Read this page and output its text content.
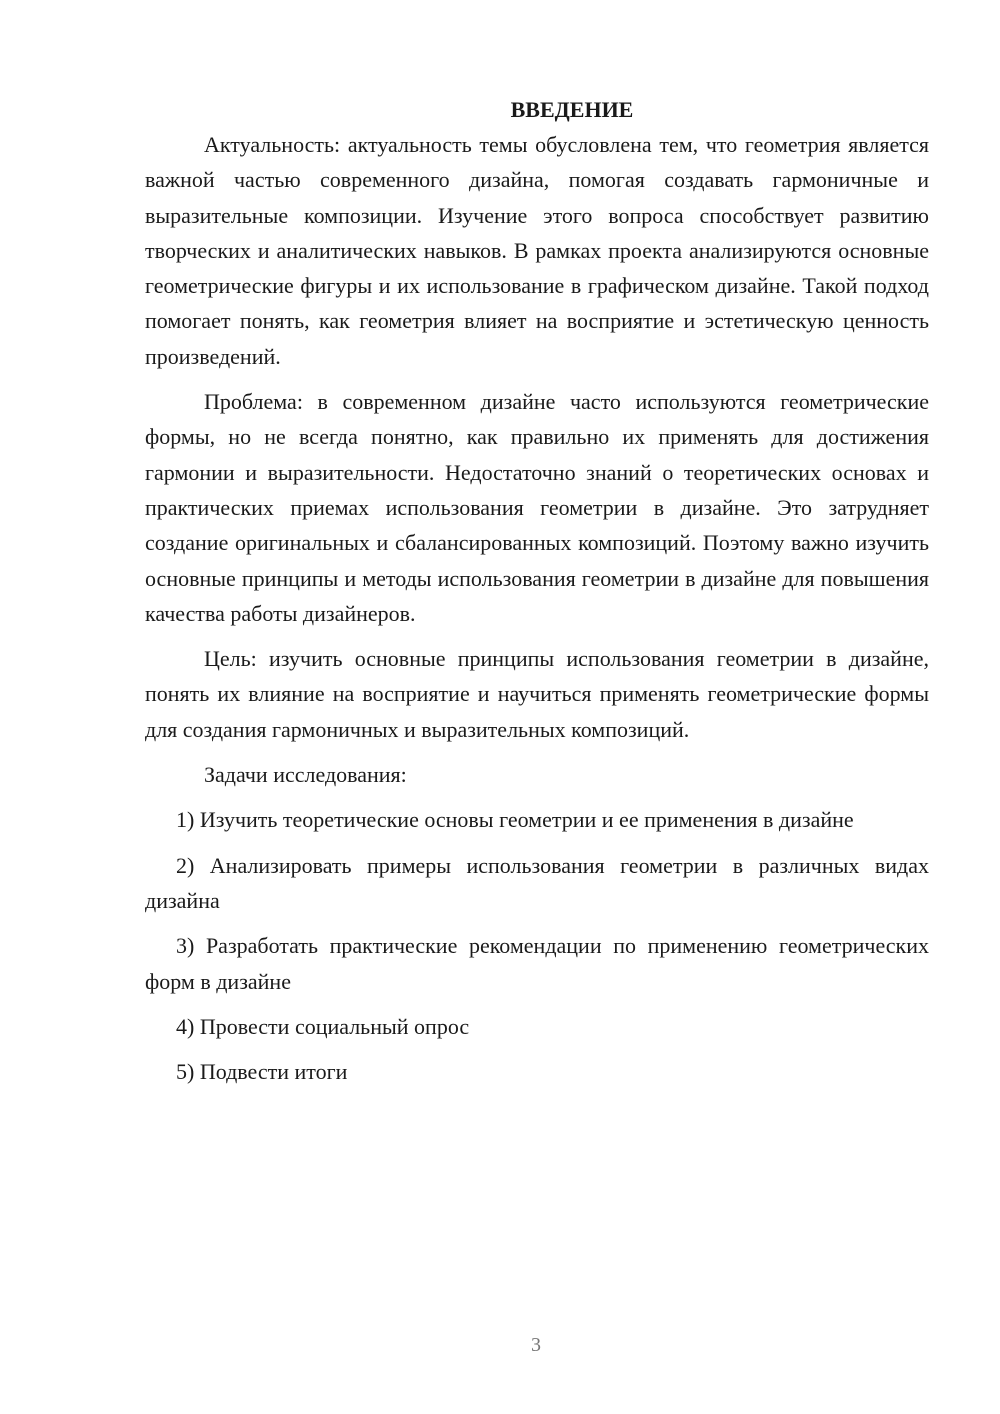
ВВЕДЕНИЕ

Актуальность: актуальность темы обусловлена тем, что геометрия является важной частью современного дизайна, помогая создавать гармоничные и выразительные композиции. Изучение этого вопроса способствует развитию творческих и аналитических навыков. В рамках проекта анализируются основные геометрические фигуры и их использование в графическом дизайне. Такой подход помогает понять, как геометрия влияет на восприятие и эстетическую ценность произведений.

Проблема: в современном дизайне часто используются геометрические формы, но не всегда понятно, как правильно их применять для достижения гармонии и выразительности. Недостаточно знаний о теоретических основах и практических приемах использования геометрии в дизайне. Это затрудняет создание оригинальных и сбалансированных композиций. Поэтому важно изучить основные принципы и методы использования геометрии в дизайне для повышения качества работы дизайнеров.

Цель: изучить основные принципы использования геометрии в дизайне, понять их влияние на восприятие и научиться применять геометрические формы для создания гармоничных и выразительных композиций.

Задачи исследования:

1) Изучить теоретические основы геометрии и ее применения в дизайне

2) Анализировать примеры использования геометрии в различных видах дизайна

3) Разработать практические рекомендации по применению геометрических форм в дизайне

4) Провести социальный опрос

5) Подвести итоги

3
